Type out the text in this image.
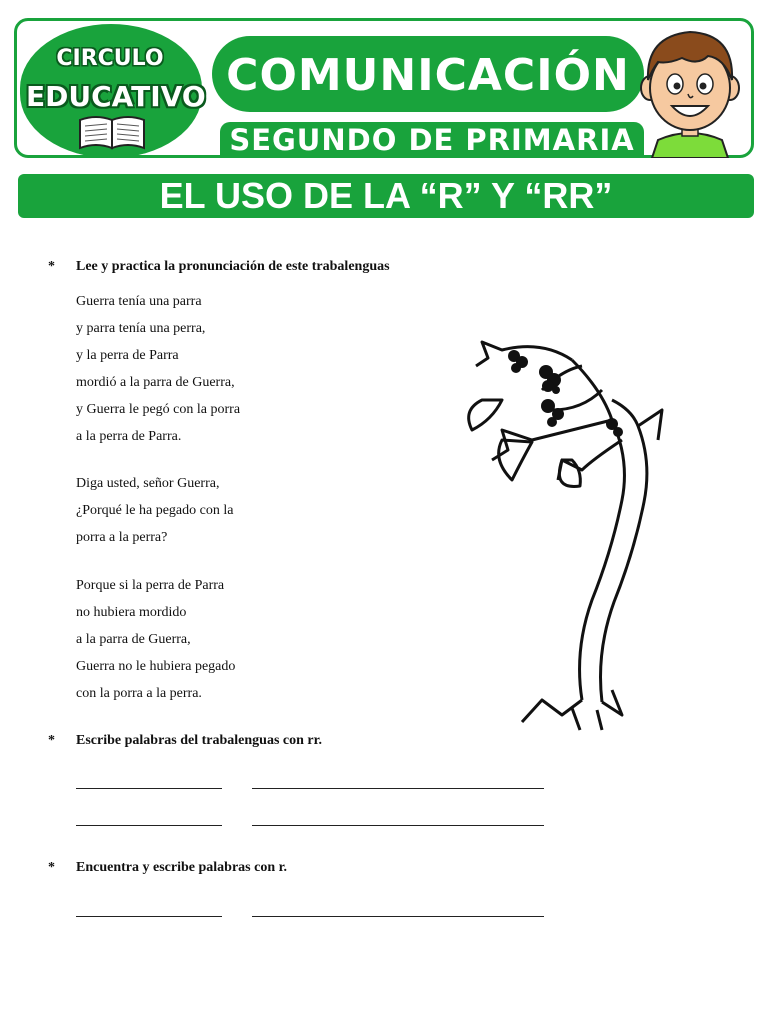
CIRCULO
EDUCATIVO COMUNICACIÓN
SEGUNDO DE PRIMARIA
EL USO DE LA “R” Y “RR”
* Lee y practica la pronunciación de este trabalenguas
Guerra tenía una parra
y parra tenía una perra,
y la perra de Parra
mordió a la parra de Guerra,
y Guerra le pegó con la porra
a la perra de Parra.
Diga usted, señor Guerra,
¿Porqué le ha pegado con la
porra a la perra?
Porque si la perra de Parra
no hubiera mordido
a la parra de Guerra,
Guerra no le hubiera pegado
con la porra a la perra.
* Escribe palabras del trabalenguas con rr.
* Encuentra y escribe palabras con r.
